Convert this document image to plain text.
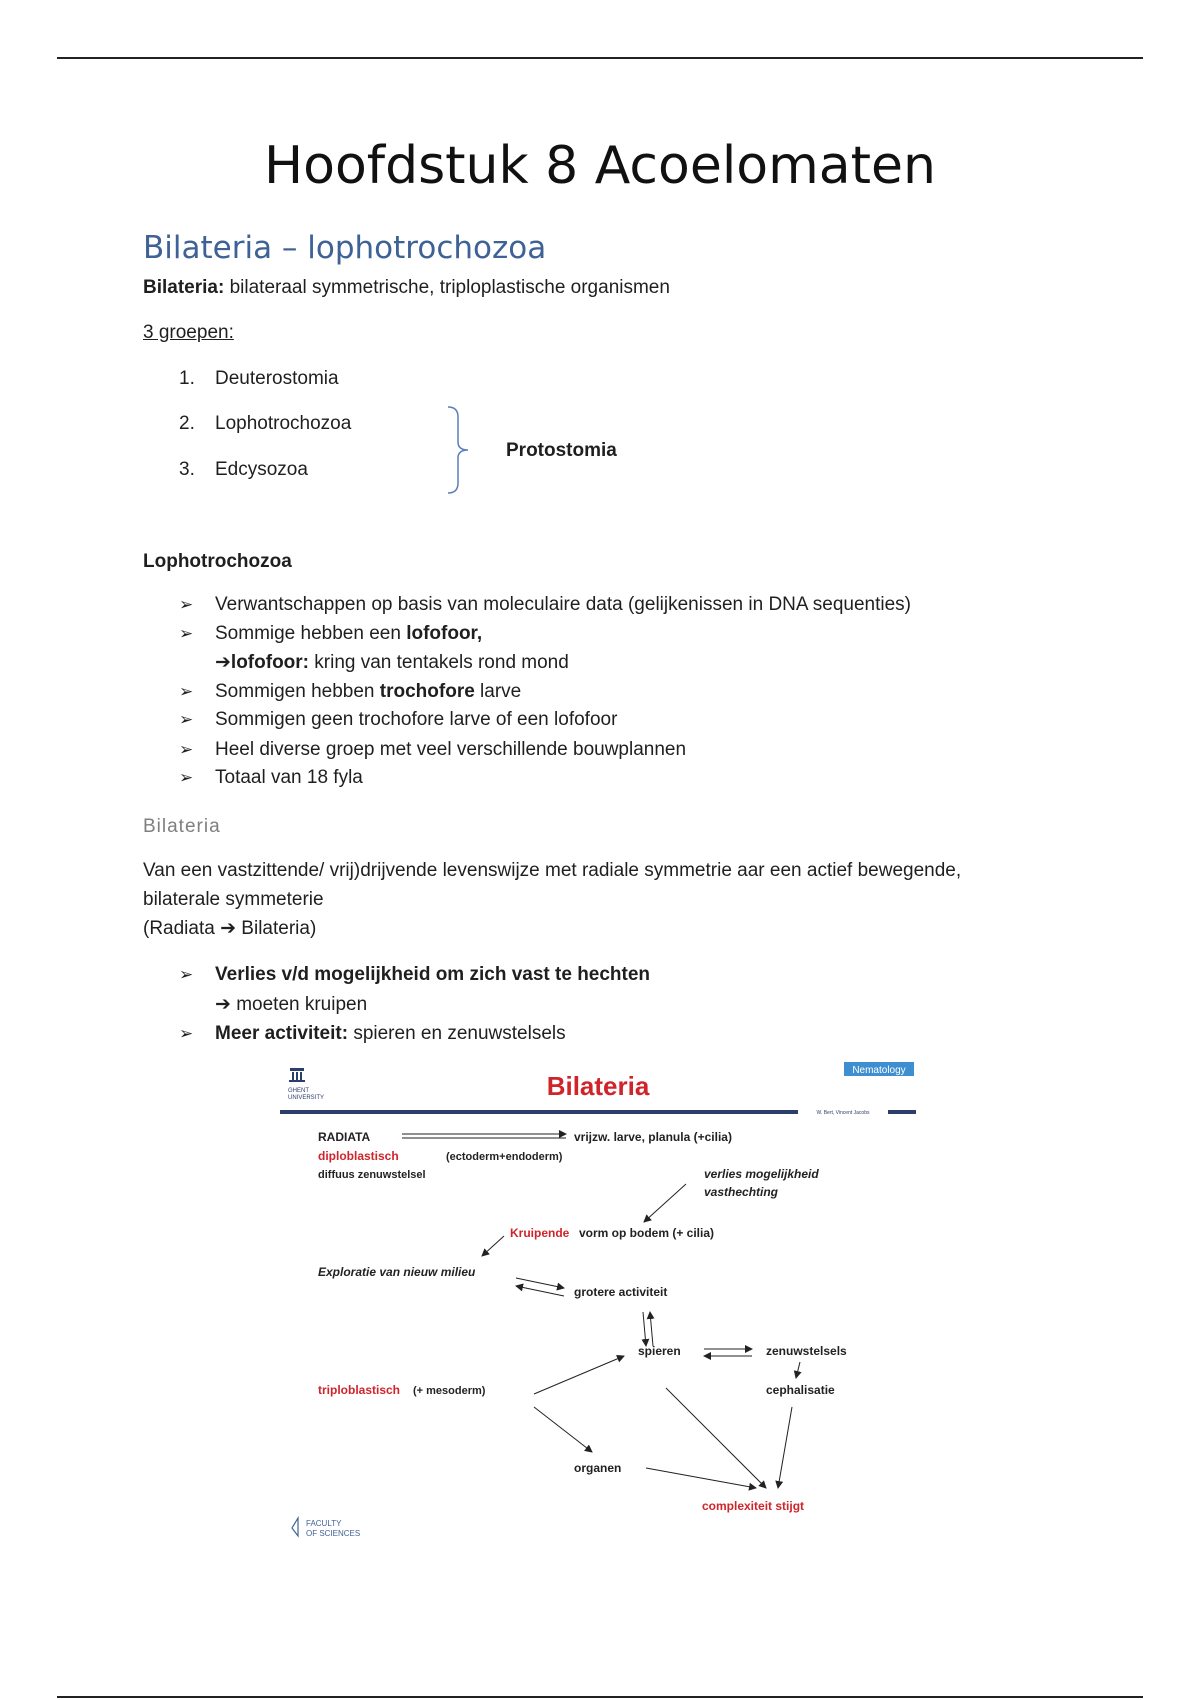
Hoofdstuk 8 Acoelomaten
Bilateria – lophotrochozoa
Bilateria: bilateraal symmetrische, triploplastische organismen
3 groepen:
1. Deuterostomia
2. Lophotrochozoa
3. Edcysozoa
Protostomia
Lophotrochozoa
➢ Verwantschappen op basis van moleculaire data (gelijkenissen in DNA sequenties)
➢ Sommige hebben een lofofoor,
➔lofofoor: kring van tentakels rond mond
➢ Sommigen hebben trochofore larve
➢ Sommigen geen trochofore larve of een lofofoor
➢ Heel diverse groep met veel verschillende bouwplannen
➢ Totaal van 18 fyla
Bilateria
Van een vastzittende/ vrij)drijvende levenswijze met radiale symmetrie aar een actief bewegende,
bilaterale symmeterie
(Radiata ➔ Bilateria)
➢ Verlies v/d mogelijkheid om zich vast te hechten
➔ moeten kruipen
➢ Meer activiteit: spieren en zenuwstelsels
GHENT
UNIVERSITY
Nematology
Bilateria
W. Bert, Vincent Jacobs
RADIATA	vrijzw. larve, planula (+cilia)
diploblastisch	(ectoderm+endoderm)
diffuus zenuwstelsel	verlies mogelijkheid
vasthechting
Kruipende vorm op bodem (+ cilia)
Exploratie van nieuw milieu
grotere activiteit
spieren	zenuwstelsels
cephalisatie
triploblastisch (+ mesoderm)
organen
complexiteit stijgt
FACULTY
OF SCIENCES
